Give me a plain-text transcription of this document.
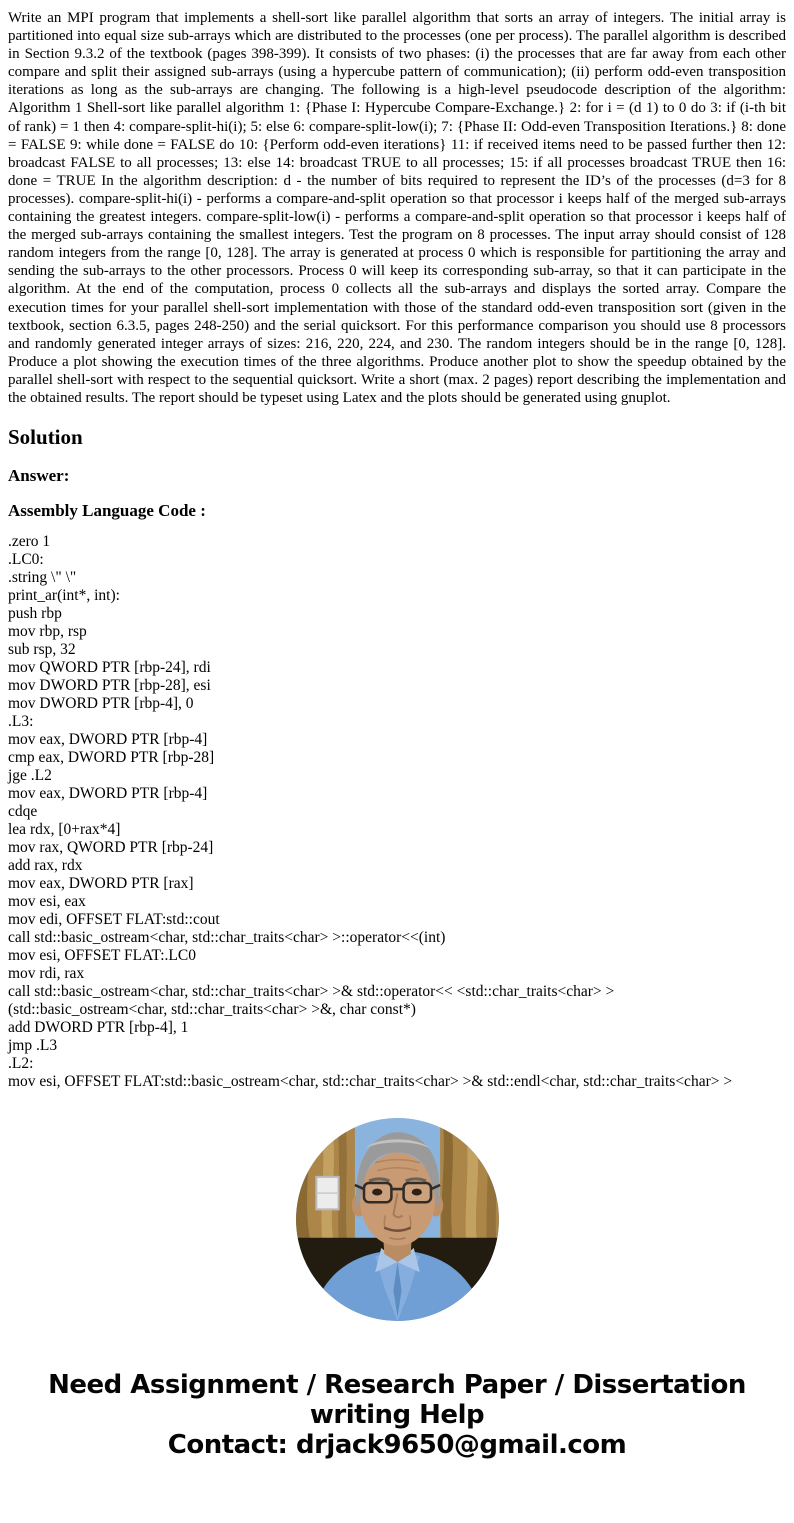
Write an MPI program that implements a shell-sort like parallel algorithm that sorts an array of integers. The initial array is partitioned into equal size sub-arrays which are distributed to the processes (one per process). The parallel algorithm is described in Section 9.3.2 of the textbook (pages 398-399). It consists of two phases: (i) the processes that are far away from each other compare and split their assigned sub-arrays (using a hypercube pattern of communication); (ii) perform odd-even transposition iterations as long as the sub-arrays are changing. The following is a high-level pseudocode description of the algorithm: Algorithm 1 Shell-sort like parallel algorithm 1: {Phase I: Hypercube Compare-Exchange.} 2: for i = (d 1) to 0 do 3: if (i-th bit of rank) = 1 then 4: compare-split-hi(i); 5: else 6: compare-split-low(i); 7: {Phase II: Odd-even Transposition Iterations.} 8: done = FALSE 9: while done = FALSE do 10: {Perform odd-even iterations} 11: if received items need to be passed further then 12: broadcast FALSE to all processes; 13: else 14: broadcast TRUE to all processes; 15: if all processes broadcast TRUE then 16: done = TRUE In the algorithm description: d - the number of bits required to represent the ID’s of the processes (d=3 for 8 processes). compare-split-hi(i) - performs a compare-and-split operation so that processor i keeps half of the merged sub-arrays containing the greatest integers. compare-split-low(i) - performs a compare-and-split operation so that processor i keeps half of the merged sub-arrays containing the smallest integers. Test the program on 8 processes. The input array should consist of 128 random integers from the range [0, 128]. The array is generated at process 0 which is responsible for partitioning the array and sending the sub-arrays to the other processors. Process 0 will keep its corresponding sub-array, so that it can participate in the algorithm. At the end of the computation, process 0 collects all the sub-arrays and displays the sorted array. Compare the execution times for your parallel shell-sort implementation with those of the standard odd-even transposition sort (given in the textbook, section 6.3.5, pages 248-250) and the serial quicksort. For this performance comparison you should use 8 processors and randomly generated integer arrays of sizes: 216, 220, 224, and 230. The random integers should be in the range [0, 128]. Produce a plot showing the execution times of the three algorithms. Produce another plot to show the speedup obtained by the parallel shell-sort with respect to the sequential quicksort. Write a short (max. 2 pages) report describing the implementation and the obtained results. The report should be typeset using Latex and the plots should be generated using gnuplot.

Solution
Answer:
Assembly Language Code :
.zero 1
.LC0:
.string \" \"
print_ar(int*, int):
push rbp
mov rbp, rsp
sub rsp, 32
mov QWORD PTR [rbp-24], rdi
mov DWORD PTR [rbp-28], esi
mov DWORD PTR [rbp-4], 0
.L3:
mov eax, DWORD PTR [rbp-4]
cmp eax, DWORD PTR [rbp-28]
jge .L2
mov eax, DWORD PTR [rbp-4]
cdqe
lea rdx, [0+rax*4]
mov rax, QWORD PTR [rbp-24]
add rax, rdx
mov eax, DWORD PTR [rax]
mov esi, eax
mov edi, OFFSET FLAT:std::cout
call std::basic_ostream<char, std::char_traits<char> >::operator<<(int)
mov esi, OFFSET FLAT:.LC0
mov rdi, rax
call std::basic_ostream<char, std::char_traits<char> >& std::operator<< <std::char_traits<char> >
(std::basic_ostream<char, std::char_traits<char> >&, char const*)
add DWORD PTR [rbp-4], 1
jmp .L3
.L2:
mov esi, OFFSET FLAT:std::basic_ostream<char, std::char_traits<char> >& std::endl<char, std::char_traits<char> >
Need Assignment / Research Paper / Dissertation writing Help
Contact: drjack9650@gmail.com
